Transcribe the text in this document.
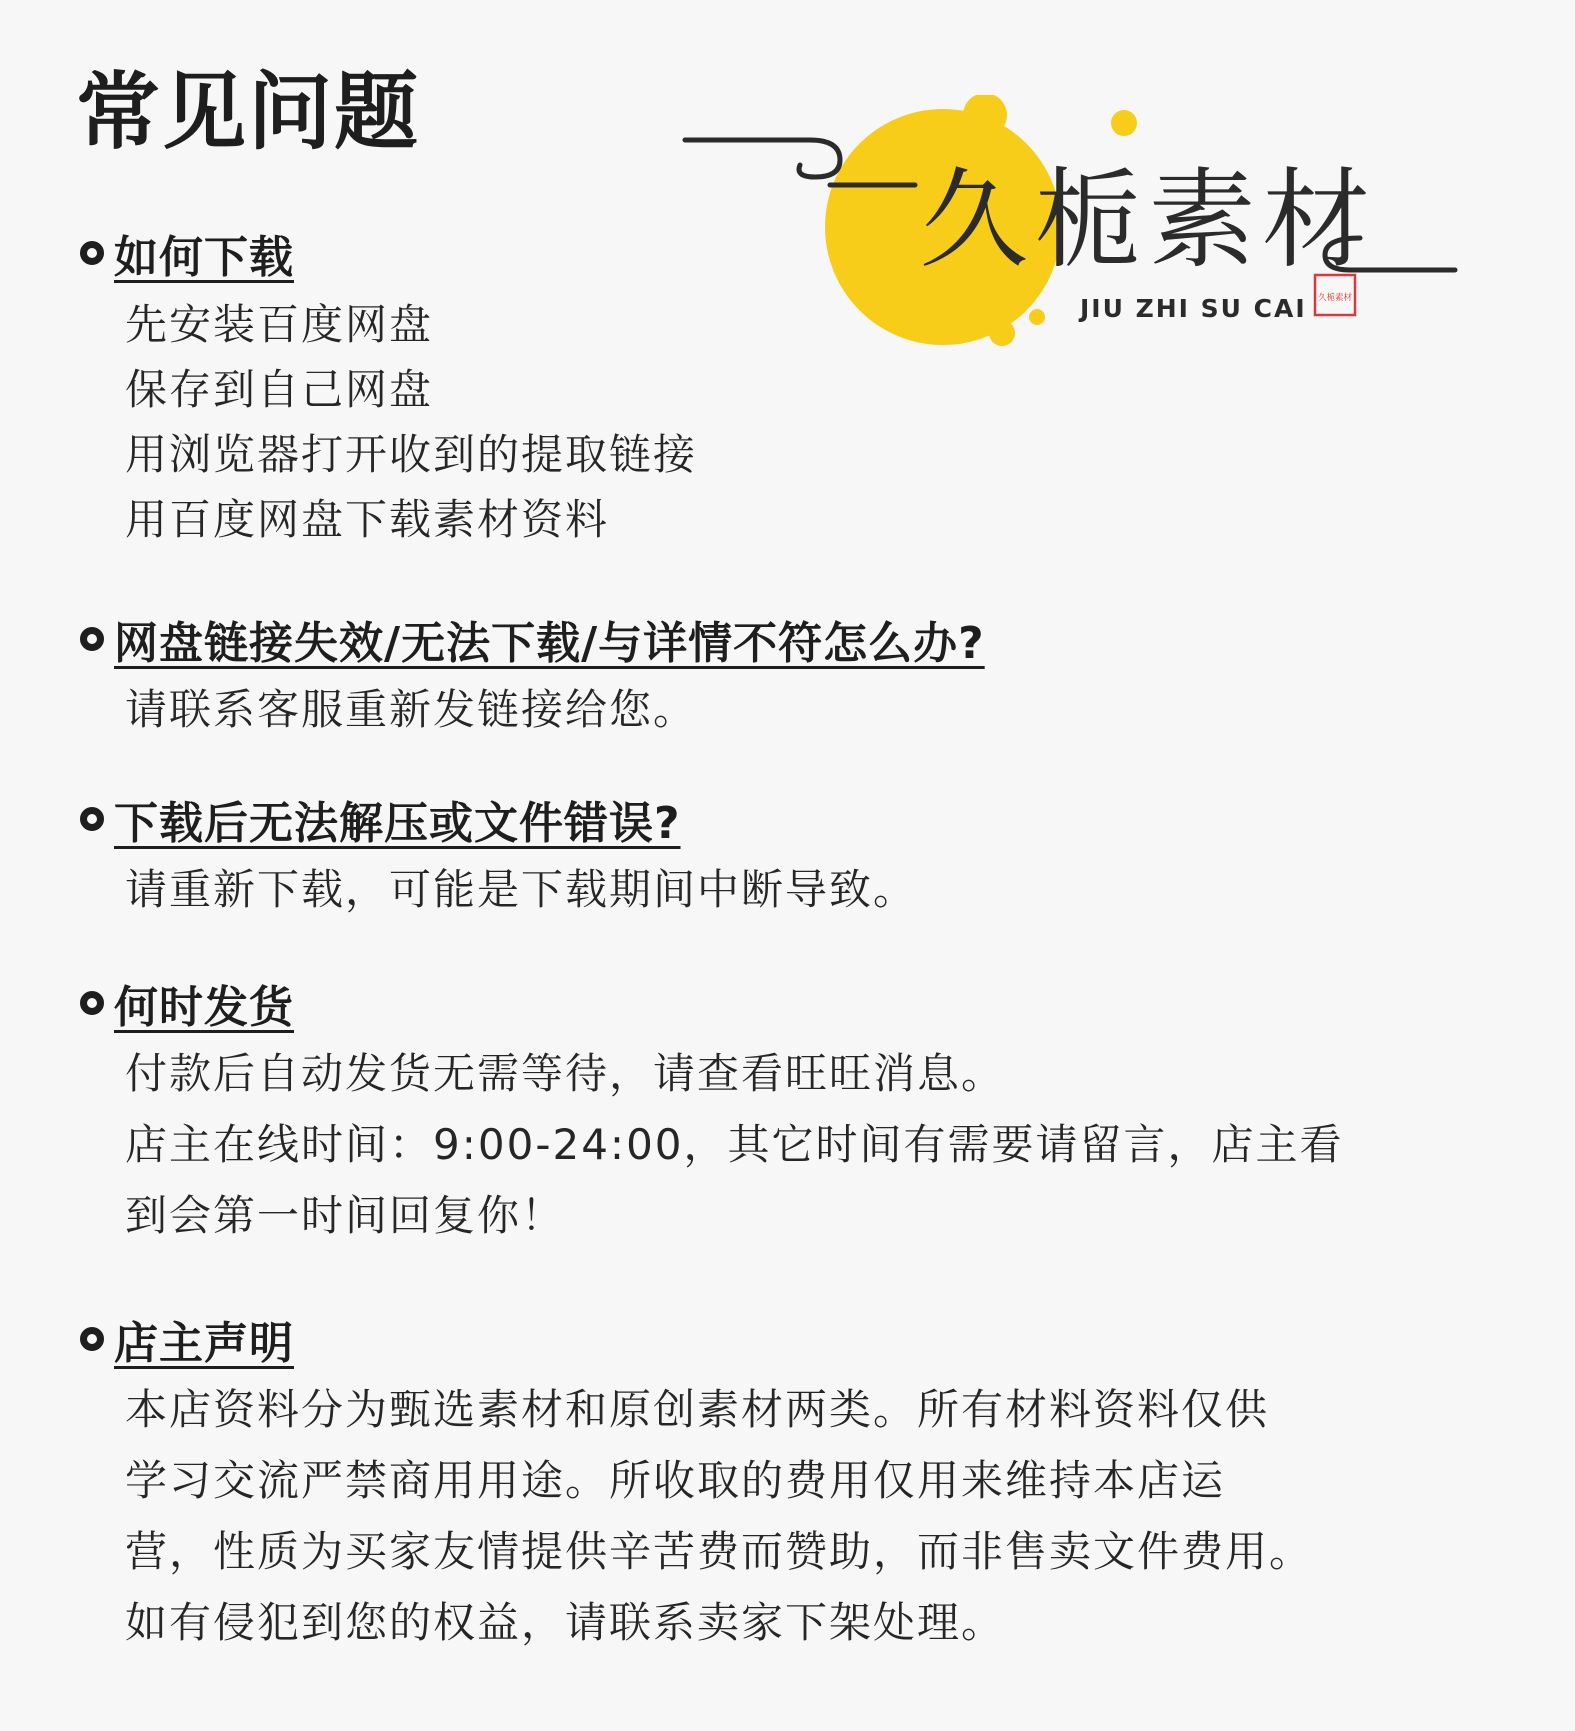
常见问题
久栀素材
JIU ZHI SU CAI 久栀素材
如何下载
先安装百度网盘
保存到自己网盘
用浏览器打开收到的提取链接
用百度网盘下载素材资料
网盘链接失效/无法下载/与详情不符怎么办?
请联系客服重新发链接给您。
下载后无法解压或文件错误?
请重新下载，可能是下载期间中断导致。
何时发货
付款后自动发货无需等待，请查看旺旺消息。
店主在线时间：9:00-24:00，其它时间有需要请留言，店主看
到会第一时间回复你！
店主声明
本店资料分为甄选素材和原创素材两类。所有材料资料仅供
学习交流严禁商用用途。所收取的费用仅用来维持本店运
营，性质为买家友情提供辛苦费而赞助，而非售卖文件费用。
如有侵犯到您的权益，请联系卖家下架处理。
